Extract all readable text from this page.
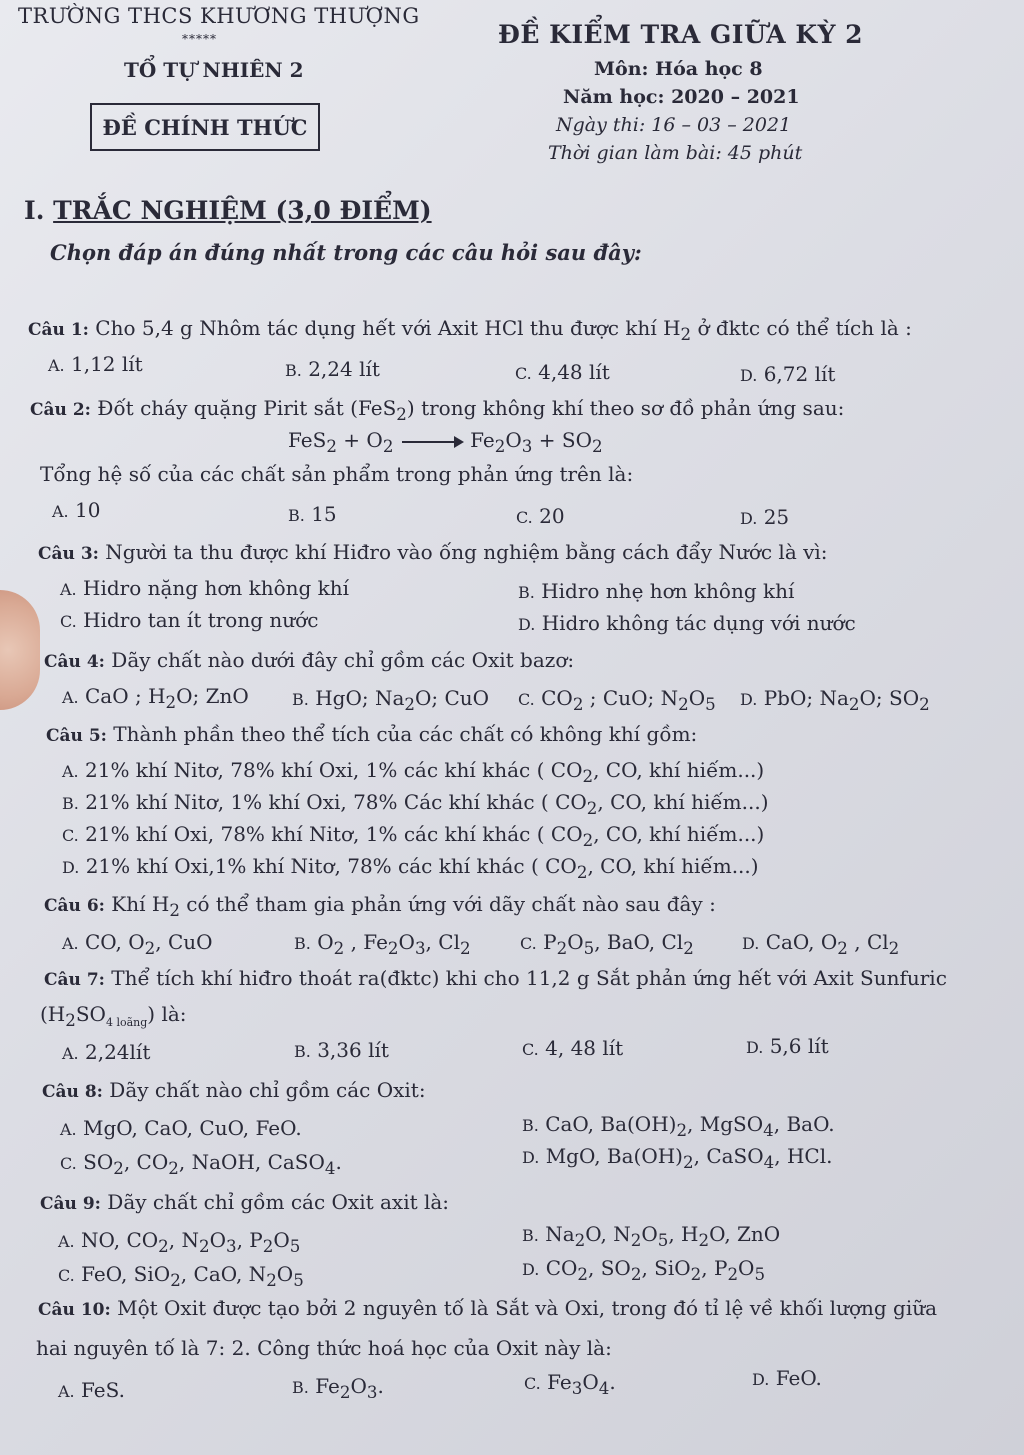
TRƯỜNG THCS KHƯƠNG THƯỢNG
*****
TỔ TỰ NHIÊN 2
ĐỀ CHÍNH THỨC
ĐỀ KIỂM TRA GIỮA KỲ 2
Môn: Hóa học 8
Năm học: 2020 – 2021
Ngày thi: 16 – 03 – 2021
Thời gian làm bài: 45 phút
I. TRẮC NGHIỆM (3,0 ĐIỂM)
Chọn đáp án đúng nhất trong các câu hỏi sau đây:
Câu 1: Cho 5,4 g Nhôm tác dụng hết với Axit HCl thu được khí $H_2$ ở đktc có thể tích là :
A. 1,12 lít	B. 2,24 lít	C. 4,48 lít	D. 6,72 lít
Câu 2: Đốt cháy quặng Pirit sắt (FeS$_2$) trong không khí theo sơ đồ phản ứng sau:
$FeS_2 + O_2 \to Fe_2O_3 + SO_2$
Tổng hệ số của các chất sản phẩm trong phản ứng trên là:
A. 10	B. 15	C. 20	D. 25
Câu 3: Người ta thu được khí Hiđro vào ống nghiệm bằng cách đẩy Nước là vì:
A. Hidro nặng hơn không khí	B. Hidro nhẹ hơn không khí
C. Hidro tan ít trong nước	D. Hidro không tác dụng với nước
Câu 4: Dãy chất nào dưới đây chỉ gồm các Oxit bazơ:
A. CaO ; $H_2O$; ZnO	B. HgO; $Na_2O$; CuO C. $CO_2$ ; CuO; $N_2O_5$ D. PbO; $Na_2O$; $SO_2$
Câu 5: Thành phần theo thể tích của các chất có không khí gồm:
A. 21% khí Nitơ, 78% khí Oxi, 1% các khí khác ( $CO_2$, CO, khí hiếm...)
B. 21% khí Nitơ, 1% khí Oxi, 78% Các khí khác ( $CO_2$, CO, khí hiếm...)
C. 21% khí Oxi, 78% khí Nitơ, 1% các khí khác ( $CO_2$, CO, khí hiếm...)
D. 21% khí Oxi,1% khí Nitơ, 78% các khí khác ( $CO_2$, CO, khí hiếm...)
Câu 6: Khí $H_2$ có thể tham gia phản ứng với dãy chất nào sau đây :
A. CO, $O_2$, CuO	B. $O_2$ , $Fe_2O_3$, $Cl_2$	C. $P_2O_5$, BaO, $Cl_2$	D. CaO, $O_2$ , $Cl_2$
Câu 7: Thể tích khí hiđro thoát ra(đktc) khi cho 11,2 g Sắt phản ứng hết với Axit Sunfuric
$(H_2SO_{4 loãng})$ là:
A. 2,24lít	B. 3,36 lít	C. 4, 48 lít	D. 5,6 lít
Câu 8: Dãy chất nào chỉ gồm các Oxit:
A. MgO, CaO, CuO, FeO.	B. CaO, $Ba(OH)_2$, MgSO$_4$, BaO.
C. $SO_2$, $CO_2$, NaOH, CaSO$_4$.	D. MgO, $Ba(OH)_2$, CaSO$_4$, HCl.
Câu 9: Dãy chất chỉ gồm các Oxit axit là:
A. NO, $CO_2$, $N_2O_3$, $P_2O_5$
B. $Na_2O$, $N_2O_5$, $H_2O$, ZnO
C. FeO, SiO$_2$, CaO, $N_2O_5$
D. $CO_2$, $SO_2$, SiO$_2$, $P_2O_5$
Câu 10: Một Oxit được tạo bởi 2 nguyên tố là Sắt và Oxi, trong đó tỉ lệ về khối lượng giữa
hai nguyên tố là 7: 2. Công thức hoá học của Oxit này là:
A. FeS.	B. $Fe_2O_3$.	C. $Fe_3O_4$.	D. FeO.
